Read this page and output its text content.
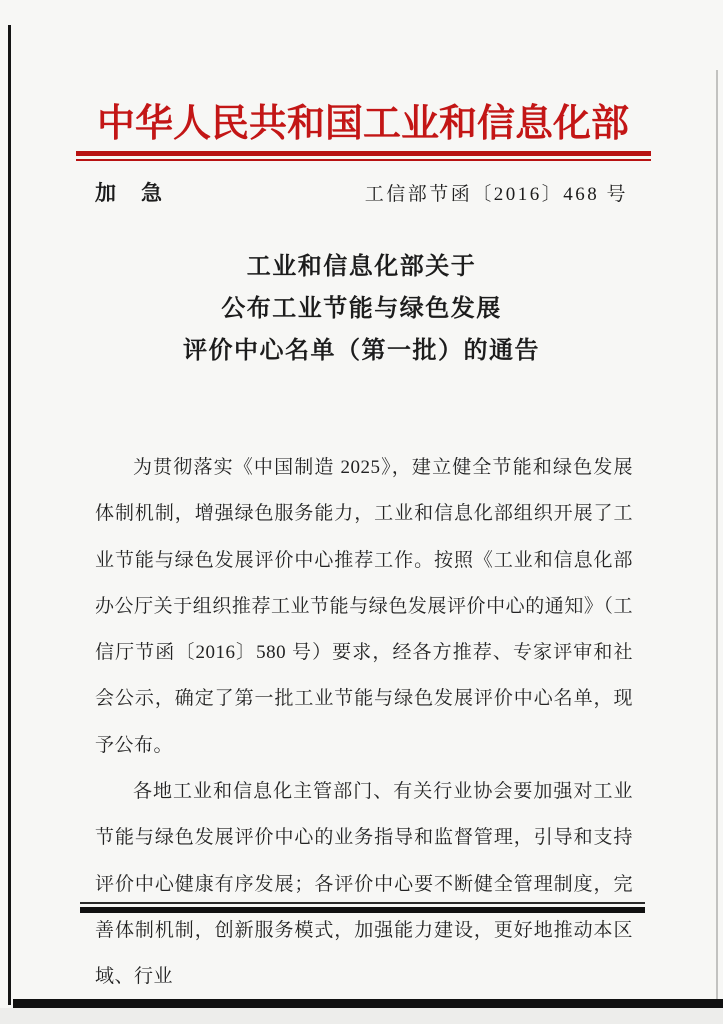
中华人民共和国工业和信息化部
加　急	工信部节函〔2016〕468 号
工业和信息化部关于
公布工业节能与绿色发展
评价中心名单（第一批）的通告

为贯彻落实《中国制造 2025》，建立健全节能和绿色发展体制机制，增强绿色服务能力，工业和信息化部组织开展了工业节能与绿色发展评价中心推荐工作。按照《工业和信息化部办公厅关于组织推荐工业节能与绿色发展评价中心的通知》（工信厅节函〔2016〕580 号）要求，经各方推荐、专家评审和社会公示，确定了第一批工业节能与绿色发展评价中心名单，现予公布。

各地工业和信息化主管部门、有关行业协会要加强对工业节能与绿色发展评价中心的业务指导和监督管理，引导和支持评价中心健康有序发展；各评价中心要不断健全管理制度，完善体制机制，创新服务模式，加强能力建设，更好地推动本区域、行业
